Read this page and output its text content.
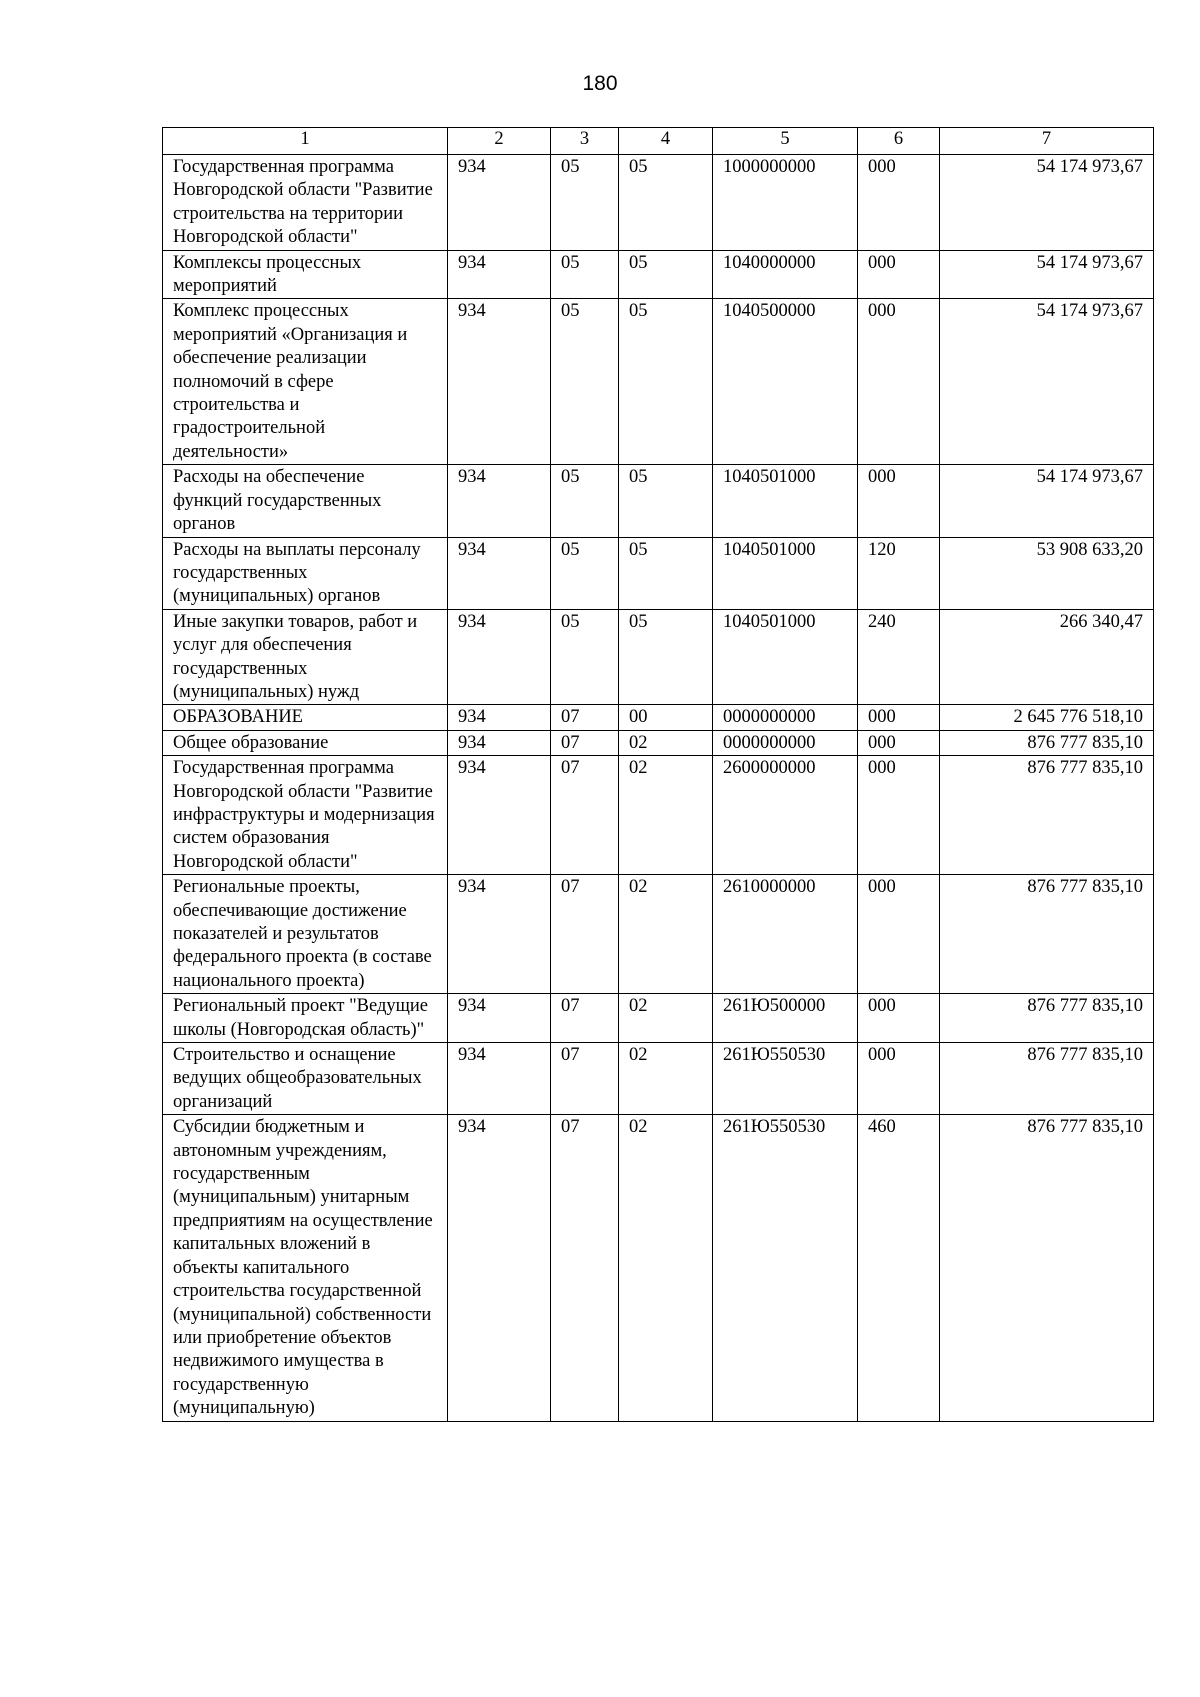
180
1	2	3	4	5	6	7
Государственная программа Новгородской области "Развитие строительства на территории Новгородской области"	934	05	05	1000000000	000	54 174 973,67
Комплексы процессных мероприятий	934	05	05	1040000000	000	54 174 973,67
Комплекс процессных мероприятий «Организация и обеспечение реализации полномочий в сфере строительства и градостроительной деятельности»	934	05	05	1040500000	000	54 174 973,67
Расходы на обеспечение функций государственных органов	934	05	05	1040501000	000	54 174 973,67
Расходы на выплаты персоналу государственных (муниципальных) органов	934	05	05	1040501000	120	53 908 633,20
Иные закупки товаров, работ и услуг для обеспечения государственных (муниципальных) нужд	934	05	05	1040501000	240	266 340,47
ОБРАЗОВАНИЕ	934	07	00	0000000000	000	2 645 776 518,10
Общее образование	934	07	02	0000000000	000	876 777 835,10
Государственная программа Новгородской области "Развитие инфраструктуры и модернизация систем образования Новгородской области"	934	07	02	2600000000	000	876 777 835,10
Региональные проекты, обеспечивающие достижение показателей и результатов федерального проекта (в составе национального проекта)	934	07	02	2610000000	000	876 777 835,10
Региональный проект "Ведущие школы (Новгородская область)"	934	07	02	261Ю500000	000	876 777 835,10
Строительство и оснащение ведущих общеобразовательных организаций	934	07	02	261Ю550530	000	876 777 835,10
Субсидии бюджетным и автономным учреждениям, государственным (муниципальным) унитарным предприятиям на осуществление капитальных вложений в объекты капитального строительства государственной (муниципальной) собственности или приобретение объектов недвижимого имущества в государственную (муниципальную)	934	07	02	261Ю550530	460	876 777 835,10
